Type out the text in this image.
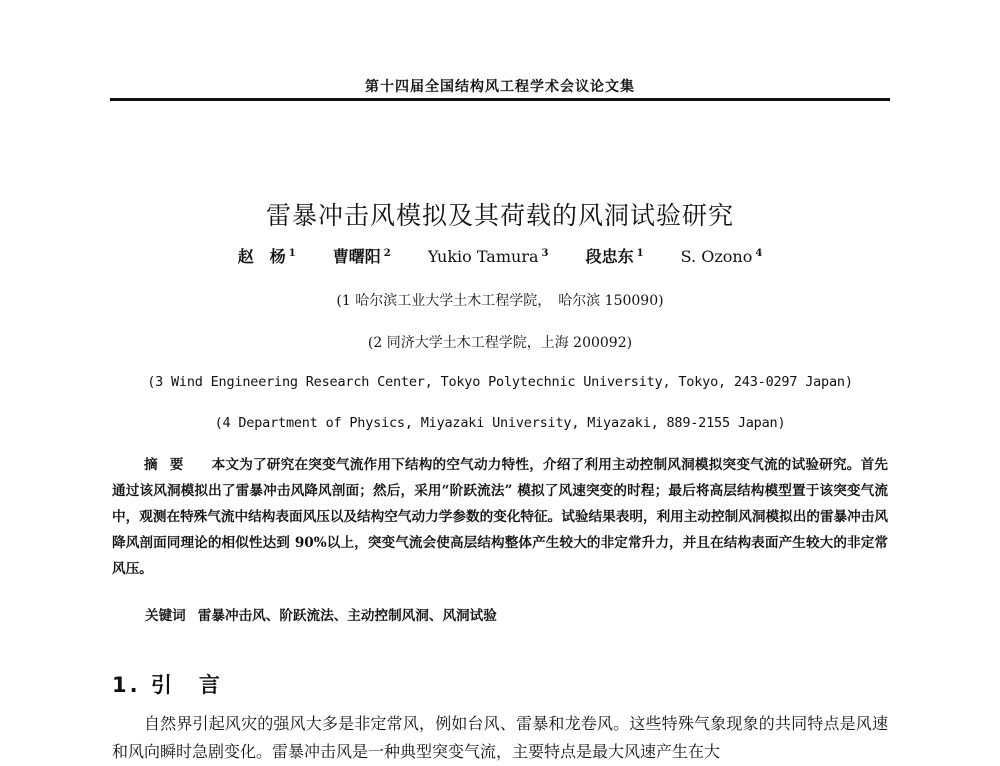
第十四届全国结构风工程学术会议论文集
雷暴冲击风模拟及其荷载的风洞试验研究
赵　杨 $^1$ 曹曙阳 $^2$ Yukio Tamura $^3$ 段忠东 $^1$ S. Ozono $^4$
(1 哈尔滨工业大学土木工程学院，　哈尔滨 150090)
(2 同济大学土木工程学院，上海 200092)
(3 Wind Engineering Research Center, Tokyo Polytechnic University, Tokyo, 243-0297 Japan)
(4 Department of Physics, Miyazaki University, Miyazaki, 889-2155 Japan)
摘要 本文为了研究在突变气流作用下结构的空气动力特性，介绍了利用主动控制风洞模拟突变气流的试验研究。首先通过该风洞模拟出了雷暴冲击风降风剖面；然后，采用“阶跃流法” 模拟了风速突变的时程；最后将高层结构模型置于该突变气流中，观测在特殊气流中结构表面风压以及结构空气动力学参数的变化特征。试验结果表明，利用主动控制风洞模拟出的雷暴冲击风降风剖面同理论的相似性达到 90%以上，突变气流会使高层结构整体产生较大的非定常升力，并且在结构表面产生较大的非定常风压。
关键词 雷暴冲击风、阶跃流法、主动控制风洞、风洞试验
1. 引　言
自然界引起风灾的强风大多是非定常风，例如台风、雷暴和龙卷风。这些特殊气象现象的共同特点是风速和风向瞬时急剧变化。雷暴冲击风是一种典型突变气流，主要特点是最大风速产生在大
